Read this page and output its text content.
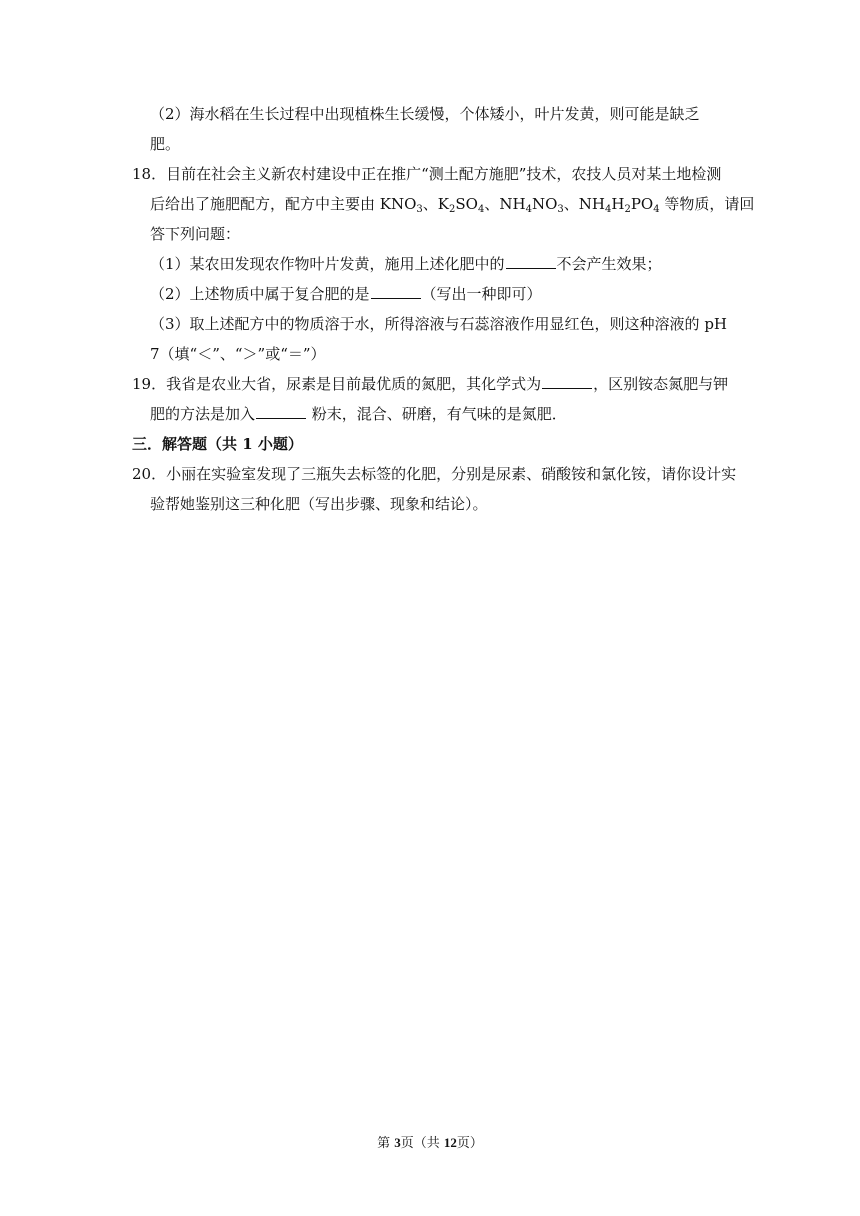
（2）海水稻在生长过程中出现植株生长缓慢，个体矮小，叶片发黄，则可能是缺乏
肥。
18．目前在社会主义新农村建设中正在推广“测土配方施肥”技术，农技人员对某土地检测
后给出了施肥配方，配方中主要由 $KNO_3$、$K_2SO_4$、$NH_4NO_3$、$NH_4H_2PO_4$ 等物质，请回
答下列问题：
（1）某农田发现农作物叶片发黄，施用上述化肥中的	不会产生效果；
（2）上述物质中属于复合肥的是	（写出一种即可）
（3）取上述配方中的物质溶于水，所得溶液与石蕊溶液作用显红色，则这种溶液的 pH
7（填“＜”、“＞”或“＝”）
19．我省是农业大省，尿素是目前最优质的氮肥，其化学式为	，区别铵态氮肥与钾
肥的方法是加入	粉末，混合、研磨，有气味的是氮肥．
三．解答题（共 1 小题）
20．小丽在实验室发现了三瓶失去标签的化肥，分别是尿素、硝酸铵和氯化铵，请你设计实
验帮她鉴别这三种化肥（写出步骤、现象和结论）。
第 3页（共 12页）
